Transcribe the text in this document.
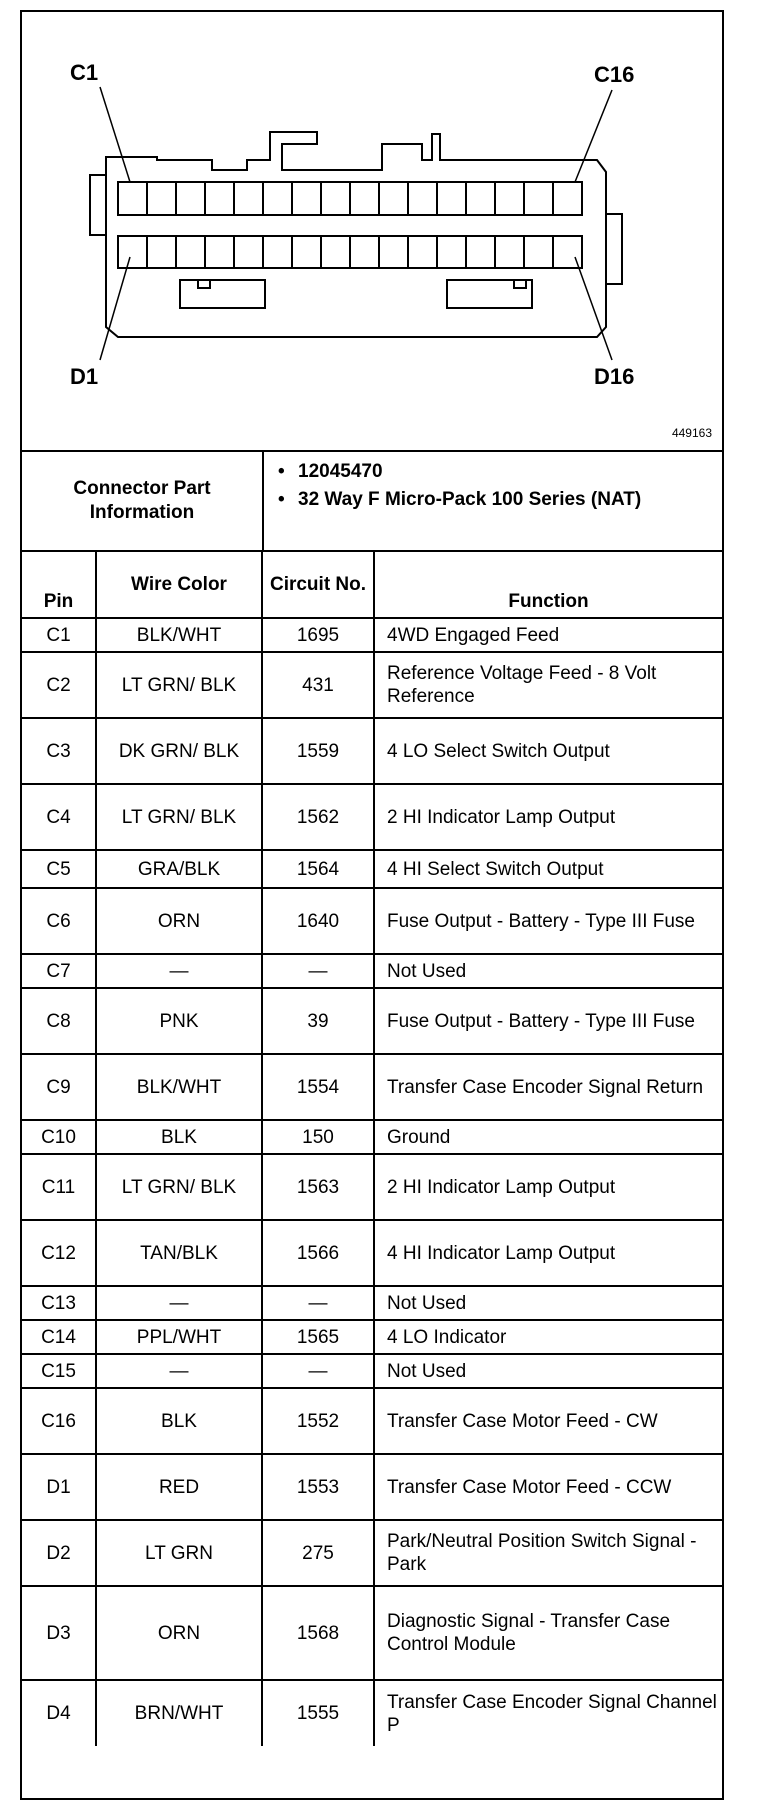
C1	C16
D1	D16
449163
Connector Part Information
• 12045470
• 32 Way F Micro-Pack 100 Series (NAT)
Pin	Wire Color	Circuit No.	Function
C1	BLK/WHT	1695	4WD Engaged Feed
C2	LT GRN/ BLK	431	Reference Voltage Feed - 8 Volt Reference
C3	DK GRN/ BLK	1559	4 LO Select Switch Output
C4	LT GRN/ BLK	1562	2 HI Indicator Lamp Output
C5	GRA/BLK	1564	4 HI Select Switch Output
C6	ORN	1640	Fuse Output - Battery - Type III Fuse
C7	—	—	Not Used
C8	PNK	39	Fuse Output - Battery - Type III Fuse
C9	BLK/WHT	1554	Transfer Case Encoder Signal Return
C10	BLK	150	Ground
C11	LT GRN/ BLK	1563	2 HI Indicator Lamp Output
C12	TAN/BLK	1566	4 HI Indicator Lamp Output
C13	—	—	Not Used
C14	PPL/WHT	1565	4 LO Indicator
C15	—	—	Not Used
C16	BLK	1552	Transfer Case Motor Feed - CW
D1	RED	1553	Transfer Case Motor Feed - CCW
D2	LT GRN	275	Park/Neutral Position Switch Signal - Park
D3	ORN	1568	Diagnostic Signal - Transfer Case Control Module
D4	BRN/WHT	1555	Transfer Case Encoder Signal Channel P
